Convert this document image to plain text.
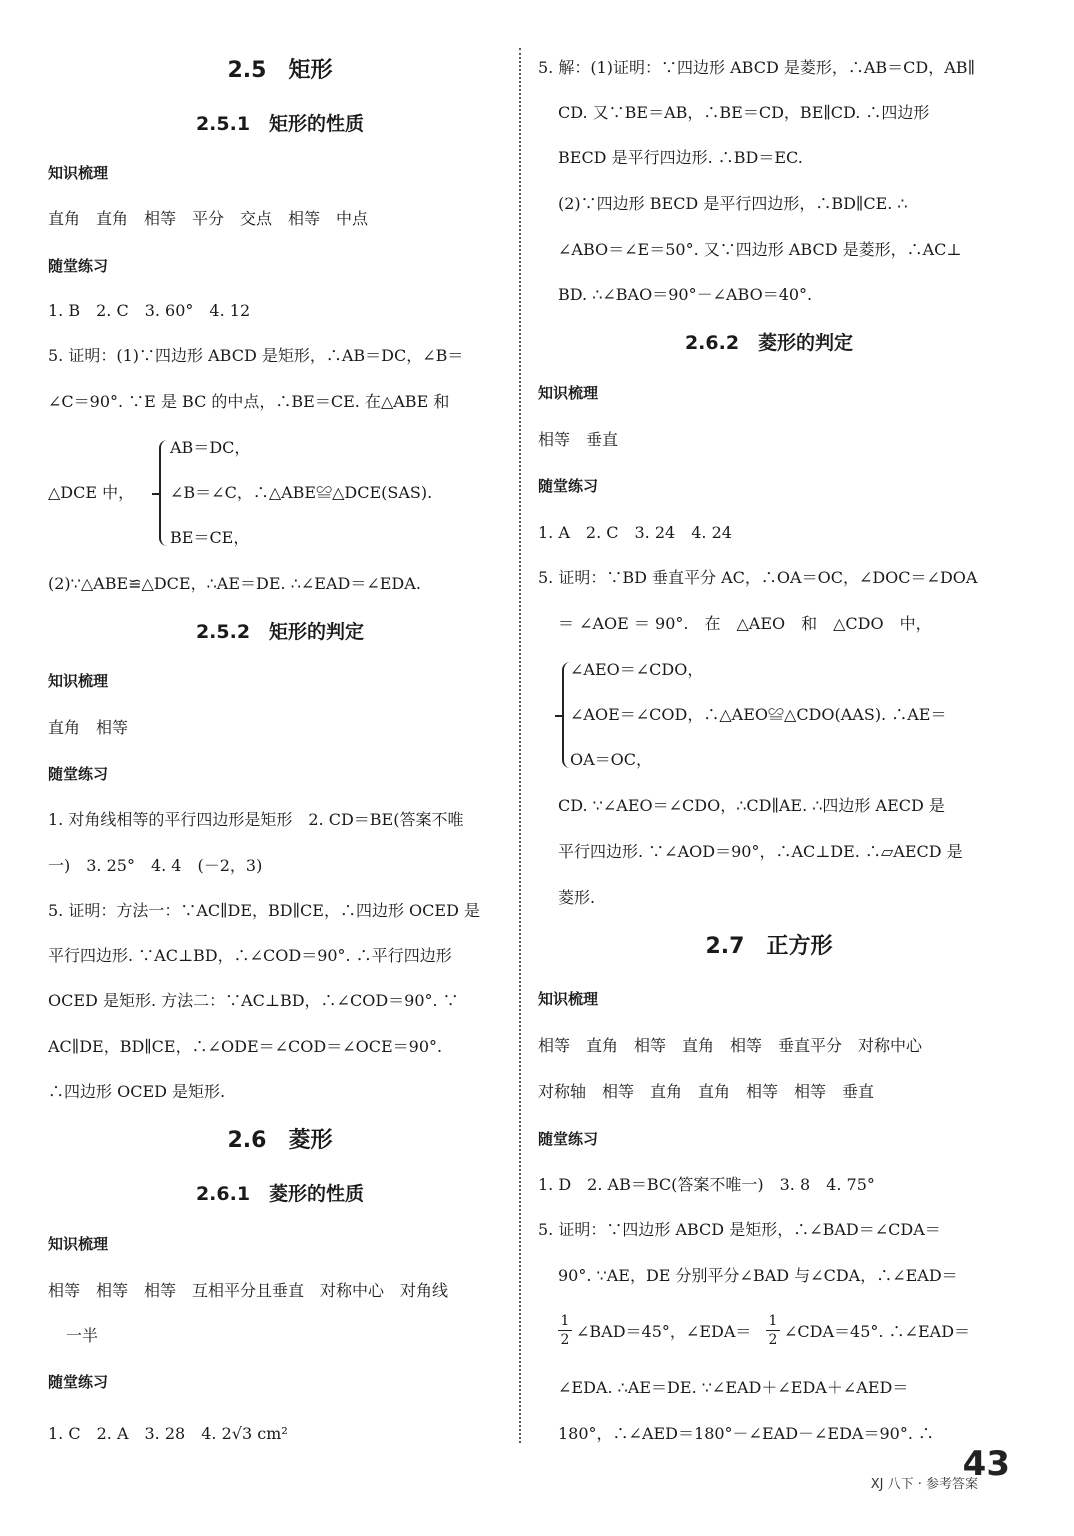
2.5　矩形
2.5.1　矩形的性质
知识梳理
直角　直角　相等　平分　交点　相等　中点
随堂练习
1. B　2. C　3. 60°　4. 12
5. 证明：(1)∵四边形 ABCD 是矩形，∴AB＝DC，∠B＝
∠C＝90°. ∵E 是 BC 的中点，∴BE＝CE. 在△ABE 和
△DCE 中，
AB＝DC，
∠B＝∠C，∴△ABE≌△DCE(SAS).
BE＝CE，
(2)∵△ABE≌△DCE，∴AE＝DE. ∴∠EAD＝∠EDA.
2.5.2　矩形的判定
知识梳理
直角　相等
随堂练习
1. 对角线相等的平行四边形是矩形　2. CD＝BE(答案不唯
一)　3. 25°　4. 4　(－2，3)
5. 证明：方法一：∵AC∥DE，BD∥CE，∴四边形 OCED 是
平行四边形. ∵AC⊥BD，∴∠COD＝90°. ∴平行四边形
OCED 是矩形. 方法二：∵AC⊥BD，∴∠COD＝90°. ∵
AC∥DE，BD∥CE，∴∠ODE＝∠COD＝∠OCE＝90°.
∴四边形 OCED 是矩形.
2.6　菱形
2.6.1　菱形的性质
知识梳理
相等　相等　相等　互相平分且垂直　对称中心　对角线
一半
随堂练习
1. C　2. A　3. 28　4. 2√3 cm²
5. 解：(1)证明：∵四边形 ABCD 是菱形，∴AB＝CD，AB∥
CD. 又∵BE＝AB，∴BE＝CD，BE∥CD. ∴四边形
BECD 是平行四边形. ∴BD＝EC.
(2)∵四边形 BECD 是平行四边形，∴BD∥CE. ∴
∠ABO＝∠E＝50°. 又∵四边形 ABCD 是菱形，∴AC⊥
BD. ∴∠BAO＝90°－∠ABO＝40°.
2.6.2　菱形的判定
知识梳理
相等　垂直
随堂练习
1. A　2. C　3. 24　4. 24
5. 证明：∵BD 垂直平分 AC，∴OA＝OC，∠DOC＝∠DOA
＝ ∠AOE ＝ 90°.　在　△AEO　和　△CDO　中，
∠AEO＝∠CDO，
∠AOE＝∠COD，∴△AEO≌△CDO(AAS). ∴AE＝
OA＝OC，
CD. ∵∠AEO＝∠CDO，∴CD∥AE. ∴四边形 AECD 是
平行四边形. ∵∠AOD＝90°，∴AC⊥DE. ∴▱AECD 是
菱形.
2.7　正方形
知识梳理
相等　直角　相等　直角　相等　垂直平分　对称中心
对称轴　相等　直角　直角　相等　相等　垂直
随堂练习
1. D　2. AB＝BC(答案不唯一)　3. 8　4. 75°
5. 证明：∵四边形 ABCD 是矩形，∴∠BAD＝∠CDA＝
90°. ∵AE，DE 分别平分∠BAD 与∠CDA，∴∠EAD＝
1
2 ∠BAD＝45°，∠EDA＝
1
2 ∠CDA＝45°. ∴∠EAD＝
∠EDA. ∴AE＝DE. ∵∠EAD＋∠EDA＋∠AED＝
180°，∴∠AED＝180°－∠EAD－∠EDA＝90°. ∴
XJ 八下 · 参考答案
43
